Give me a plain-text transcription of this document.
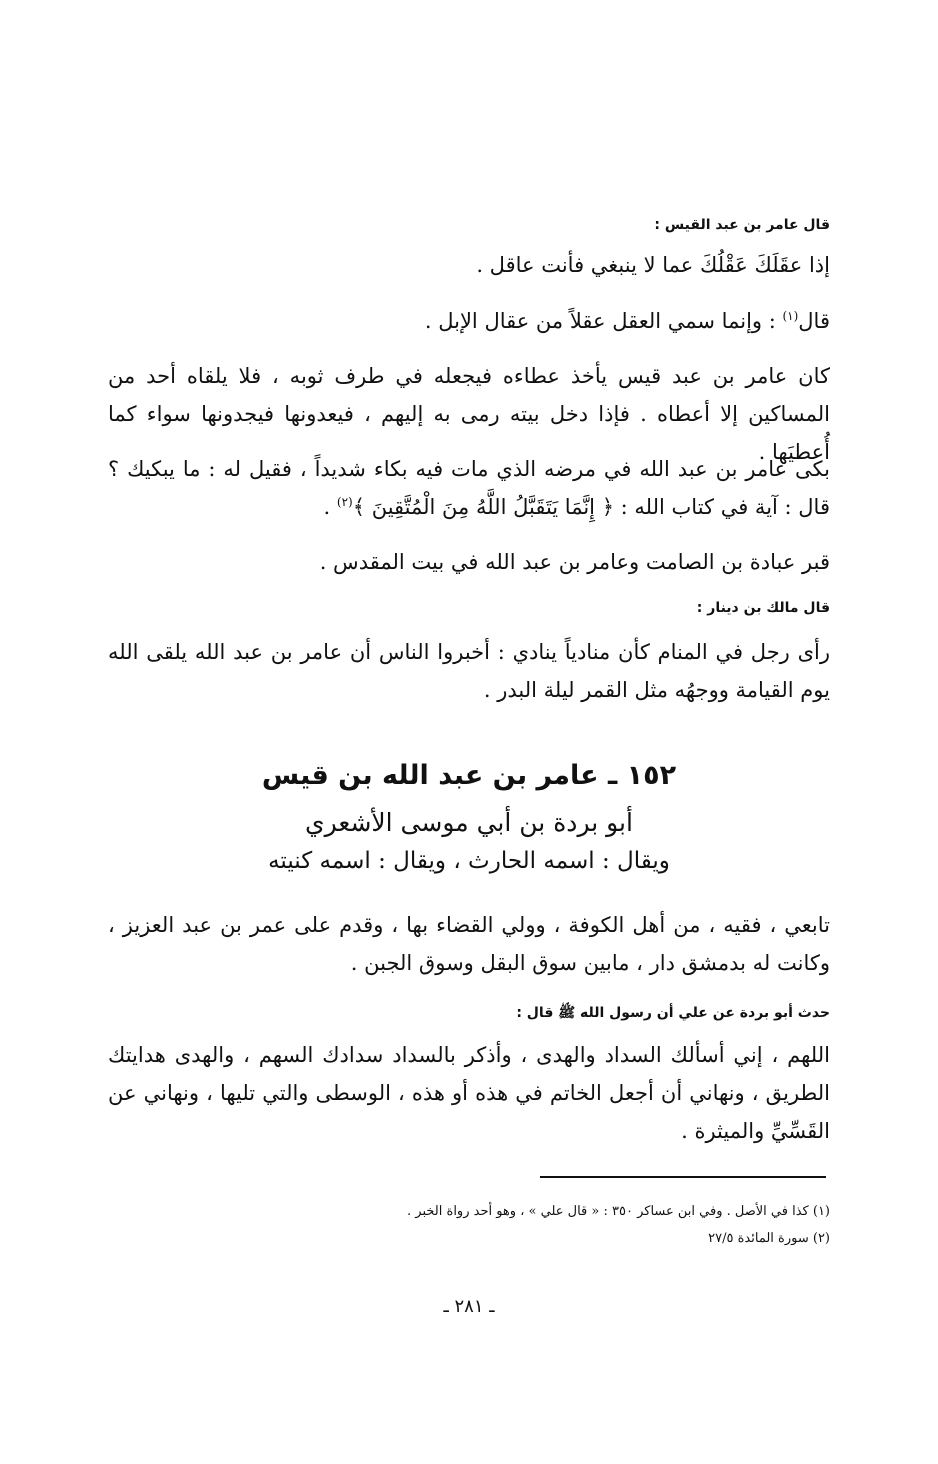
قال عامر بن عبد القيس :

إذا عقَلَكَ عَقْلُكَ عما لا ينبغي فأنت عاقل .

قال$^{(١)}$ : وإنما سمي العقل عقلاً من عقال الإبل .

كان عامر بن عبد قيس يأخذ عطاءه فيجعله في طرف ثوبه ، فلا يلقاه أحد من المساكين إلا أعطاه . فإذا دخل بيته رمى به إليهم ، فيعدونها فيجدونها سواء كما أُعطيَها .

بكى عامر بن عبد الله في مرضه الذي مات فيه بكاء شديداً ، فقيل له : ما يبكيك ؟ قال : آية في كتاب الله : ﴿ إِنَّمَا يَتَقَبَّلُ اللَّهُ مِنَ الْمُتَّقِينَ ﴾$^{(٢)}$ .

قبر عبادة بن الصامت وعامر بن عبد الله في بيت المقدس .

قال مالك بن دينار :

رأى رجل في المنام كأن منادياً ينادي : أخبروا الناس أن عامر بن عبد الله يلقى الله يوم القيامة ووجهُه مثل القمر ليلة البدر .

١٥٢ ـ عامر بن عبد الله بن قيس
أبو بردة بن أبي موسى الأشعري
ويقال : اسمه الحارث ، ويقال : اسمه كنيته

تابعي ، فقيه ، من أهل الكوفة ، وولي القضاء بها ، وقدم على عمر بن عبد العزيز ، وكانت له بدمشق دار ، مابين سوق البقل وسوق الجبن .

حدث أبو بردة عن علي أن رسول الله ﷺ قال :

اللهم ، إني أسألك السداد والهدى ، وأذكر بالسداد سدادك السهم ، والهدى هدايتك الطريق ، ونهاني أن أجعل الخاتم في هذه أو هذه ، الوسطى والتي تليها ، ونهاني عن القَسِّيِّ والميثرة .

(١) كذا في الأصل . وفي ابن عساكر ٣٥٠ : « قال علي » ، وهو أحد رواة الخبر .

(٢) سورة المائدة ٢٧/٥

ـ ٢٨١ ـ
